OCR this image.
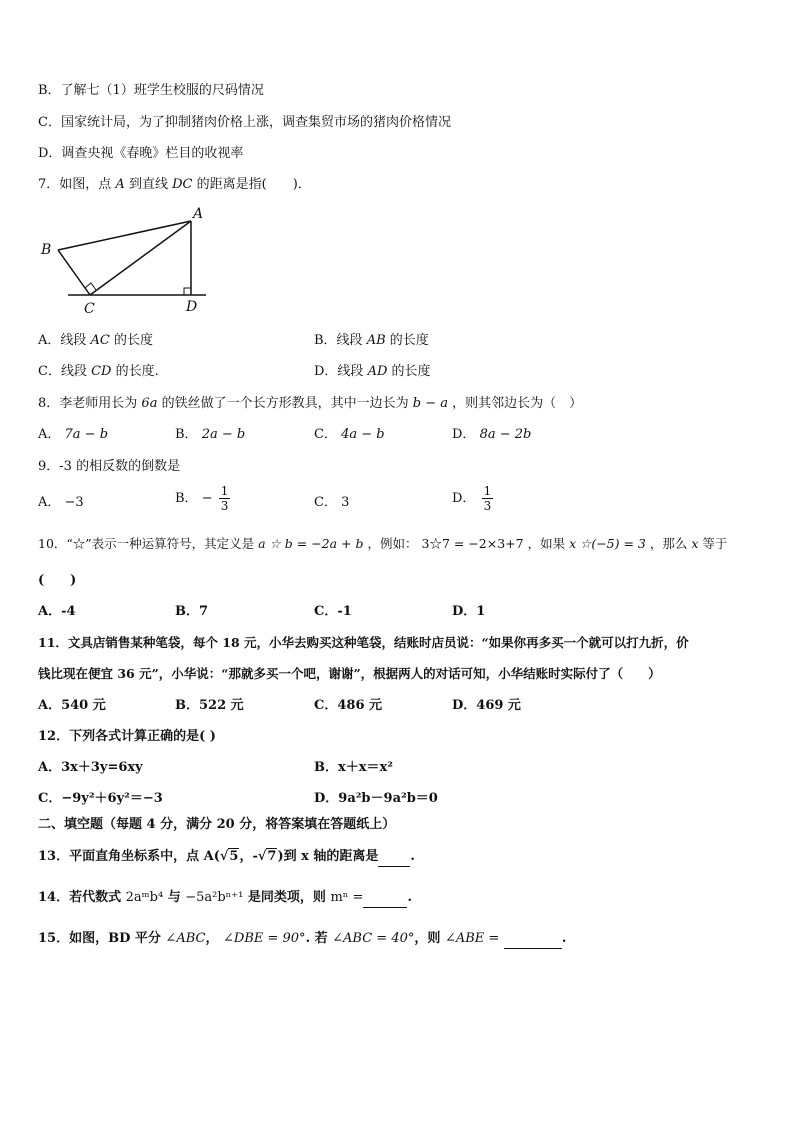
B．了解七（1）班学生校服的尺码情况
C．国家统计局，为了抑制猪肉价格上涨，调查集贸市场的猪肉价格情况
D．调查央视《春晚》栏目的收视率
7．如图，点 A 到直线 DC 的距离是指(　　)．
A
B
C	D
A．线段 AC 的长度	B．线段 AB 的长度
C．线段 CD 的长度.	D．线段 AD 的长度
8．李老师用长为 6a 的铁丝做了一个长方形教具，其中一边长为 b − a ，则其邻边长为（　）
A． 7a − b	B． 2a − b	C． 4a − b	D． 8a − 2b
9．-3 的相反数的倒数是
A． −3	B． − $\frac{1}{3}$	C． 3	D． $\frac{1}{3}$
10．“☆”表示一种运算符号，其定义是 a ☆ b = −2a + b ，例如： 3☆7 = −2×3+7 ，如果 x ☆(−5) = 3 ，那么 x 等于
(　　)
A．-4	B．7	C．-1	D．1
11．文具店销售某种笔袋，每个 18 元，小华去购买这种笔袋，结账时店员说：“如果你再多买一个就可以打九折，价
钱比现在便宜 36 元”，小华说：“那就多买一个吧，谢谢”，根据两人的对话可知，小华结账时实际付了（　　）
A．540 元	B．522 元	C．486 元	D．469 元
12．下列各式计算正确的是( )
A．3x＋3y=6xy	B．x＋x＝x²
C．−9y²＋6y²＝−3	D．9a²b－9a²b＝0
二、填空题（每题 4 分，满分 20 分，将答案填在答题纸上）
13．平面直角坐标系中，点 A(√5，-√7)到 x 轴的距离是 .
14．若代数式 2aᵐb⁴ 与 −5a²bⁿ⁺¹ 是同类项，则 mⁿ =	.
15．如图，BD 平分 ∠ABC， ∠DBE = 90°. 若 ∠ABC = 40°，则 ∠ABE =	.
